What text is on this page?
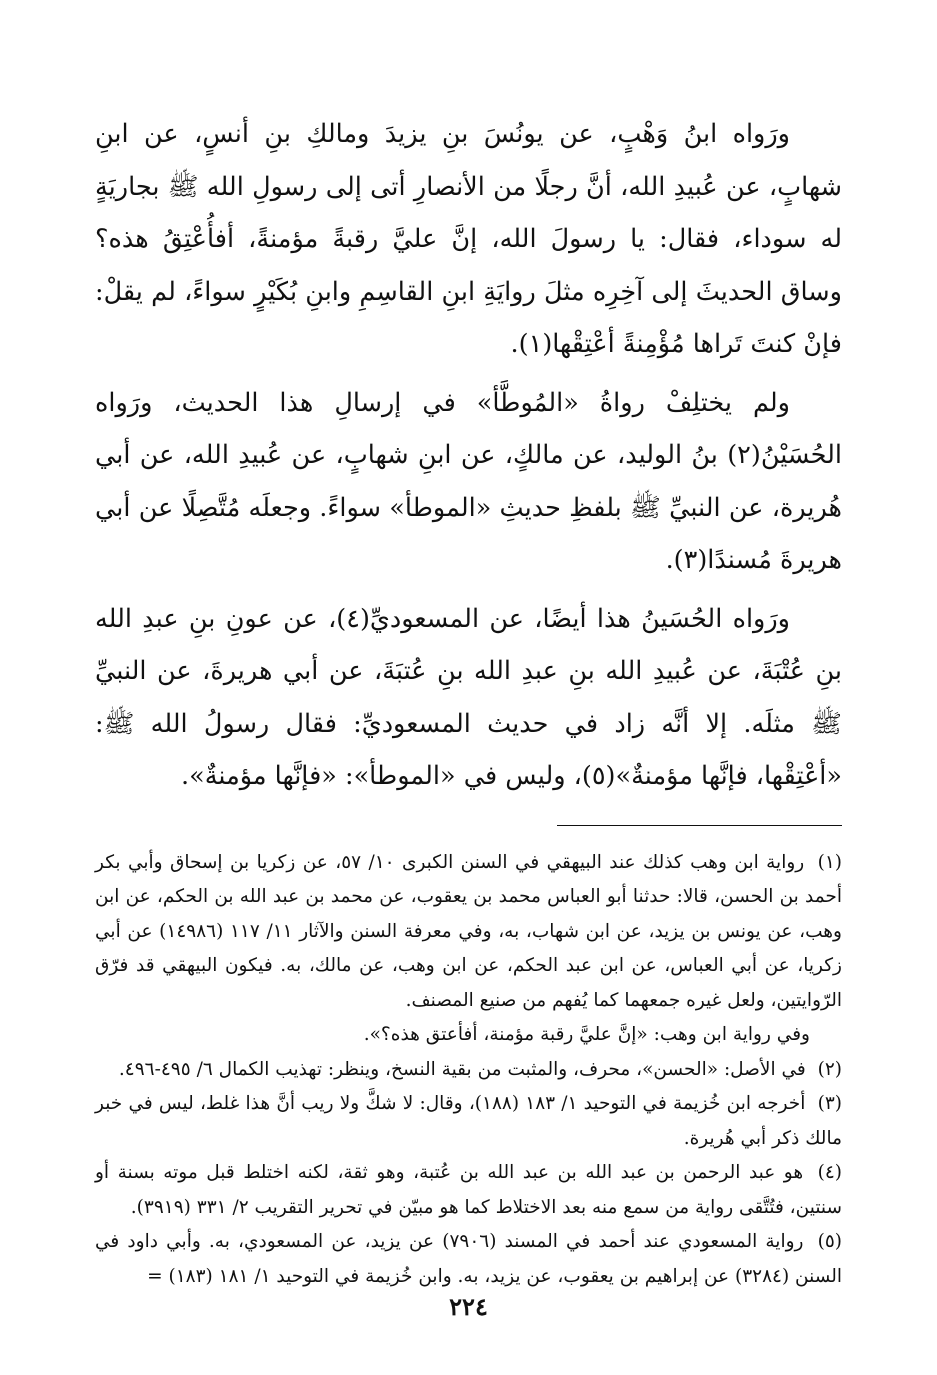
ورَواه ابنُ وَهْبٍ، عن يونُسَ بنِ يزيدَ ومالكِ بنِ أنسٍ، عن ابنِ شهابٍ، عن عُبيدِ الله، أنَّ رجلًا من الأنصارِ أتى إلى رسولِ الله ﷺ بجاريَةٍ له سوداء، فقال: يا رسولَ الله، إنَّ عليَّ رقبةً مؤمنةً، أفأُعْتِقُ هذه؟ وساق الحديثَ إلى آخِرِه مثلَ روايَةِ ابنِ القاسِمِ وابنِ بُكَيْرٍ سواءً، لم يقلْ: فإنْ كنتَ تَراها مُؤْمِنةً أعْتِقْها(١).

ولم يختلِفْ رواةُ «المُوطَّأ» في إرسالِ هذا الحديث، ورَواه الحُسَيْنُ(٢) بنُ الوليد، عن مالكٍ، عن ابنِ شهابٍ، عن عُبيدِ الله، عن أبي هُريرة، عن النبيِّ ﷺ بلفظِ حديثِ «الموطأ» سواءً. وجعلَه مُتَّصِلًا عن أبي هريرةَ مُسندًا(٣).

ورَواه الحُسَينُ هذا أيضًا، عن المسعوديِّ(٤)، عن عونِ بنِ عبدِ الله بنِ عُتْبَةَ، عن عُبيدِ الله بنِ عبدِ الله بنِ عُتبَةَ، عن أبي هريرةَ، عن النبيِّ ﷺ مثلَه. إلا أنَّه زاد في حديث المسعوديِّ: فقال رسولُ الله ﷺ: «أعْتِقْها، فإنَّها مؤمنةٌ»(٥)، وليس في «الموطأ»: «فإنَّها مؤمنةٌ».

(١) رواية ابن وهب كذلك عند البيهقي في السنن الكبرى ١٠/ ٥٧، عن زكريا بن إسحاق وأبي بكر أحمد بن الحسن، قالا: حدثنا أبو العباس محمد بن يعقوب، عن محمد بن عبد الله بن الحكم، عن ابن وهب، عن يونس بن يزيد، عن ابن شهاب، به، وفي معرفة السنن والآثار ١١/ ١١٧ (١٤٩٨٦) عن أبي زكريا، عن أبي العباس، عن ابن عبد الحكم، عن ابن وهب، عن مالك، به. فيكون البيهقي قد فرّق الرّوايتين، ولعل غيره جمعهما كما يُفهم من صنيع المصنف.

وفي رواية ابن وهب: «إنَّ عليَّ رقبة مؤمنة، أفأعتق هذه؟».

(٢) في الأصل: «الحسن»، محرف، والمثبت من بقية النسخ، وينظر: تهذيب الكمال ٦/ ٤٩٥-٤٩٦.

(٣) أخرجه ابن خُزيمة في التوحيد ١/ ١٨٣ (١٨٨)، وقال: لا شكَّ ولا ريب أنَّ هذا غلط، ليس في خبر مالك ذكر أبي هُريرة.

(٤) هو عبد الرحمن بن عبد الله بن عبد الله بن عُتبة، وهو ثقة، لكنه اختلط قبل موته بسنة أو سنتين، فتُتَّقى رواية من سمع منه بعد الاختلاط كما هو مبيّن في تحرير التقريب ٢/ ٣٣١ (٣٩١٩).

(٥) رواية المسعودي عند أحمد في المسند (٧٩٠٦) عن يزيد، عن المسعودي، به. وأبي داود في السنن (٣٢٨٤) عن إبراهيم بن يعقوب، عن يزيد، به. وابن خُزيمة في التوحيد ١/ ١٨١ (١٨٣) =

٢٢٤
